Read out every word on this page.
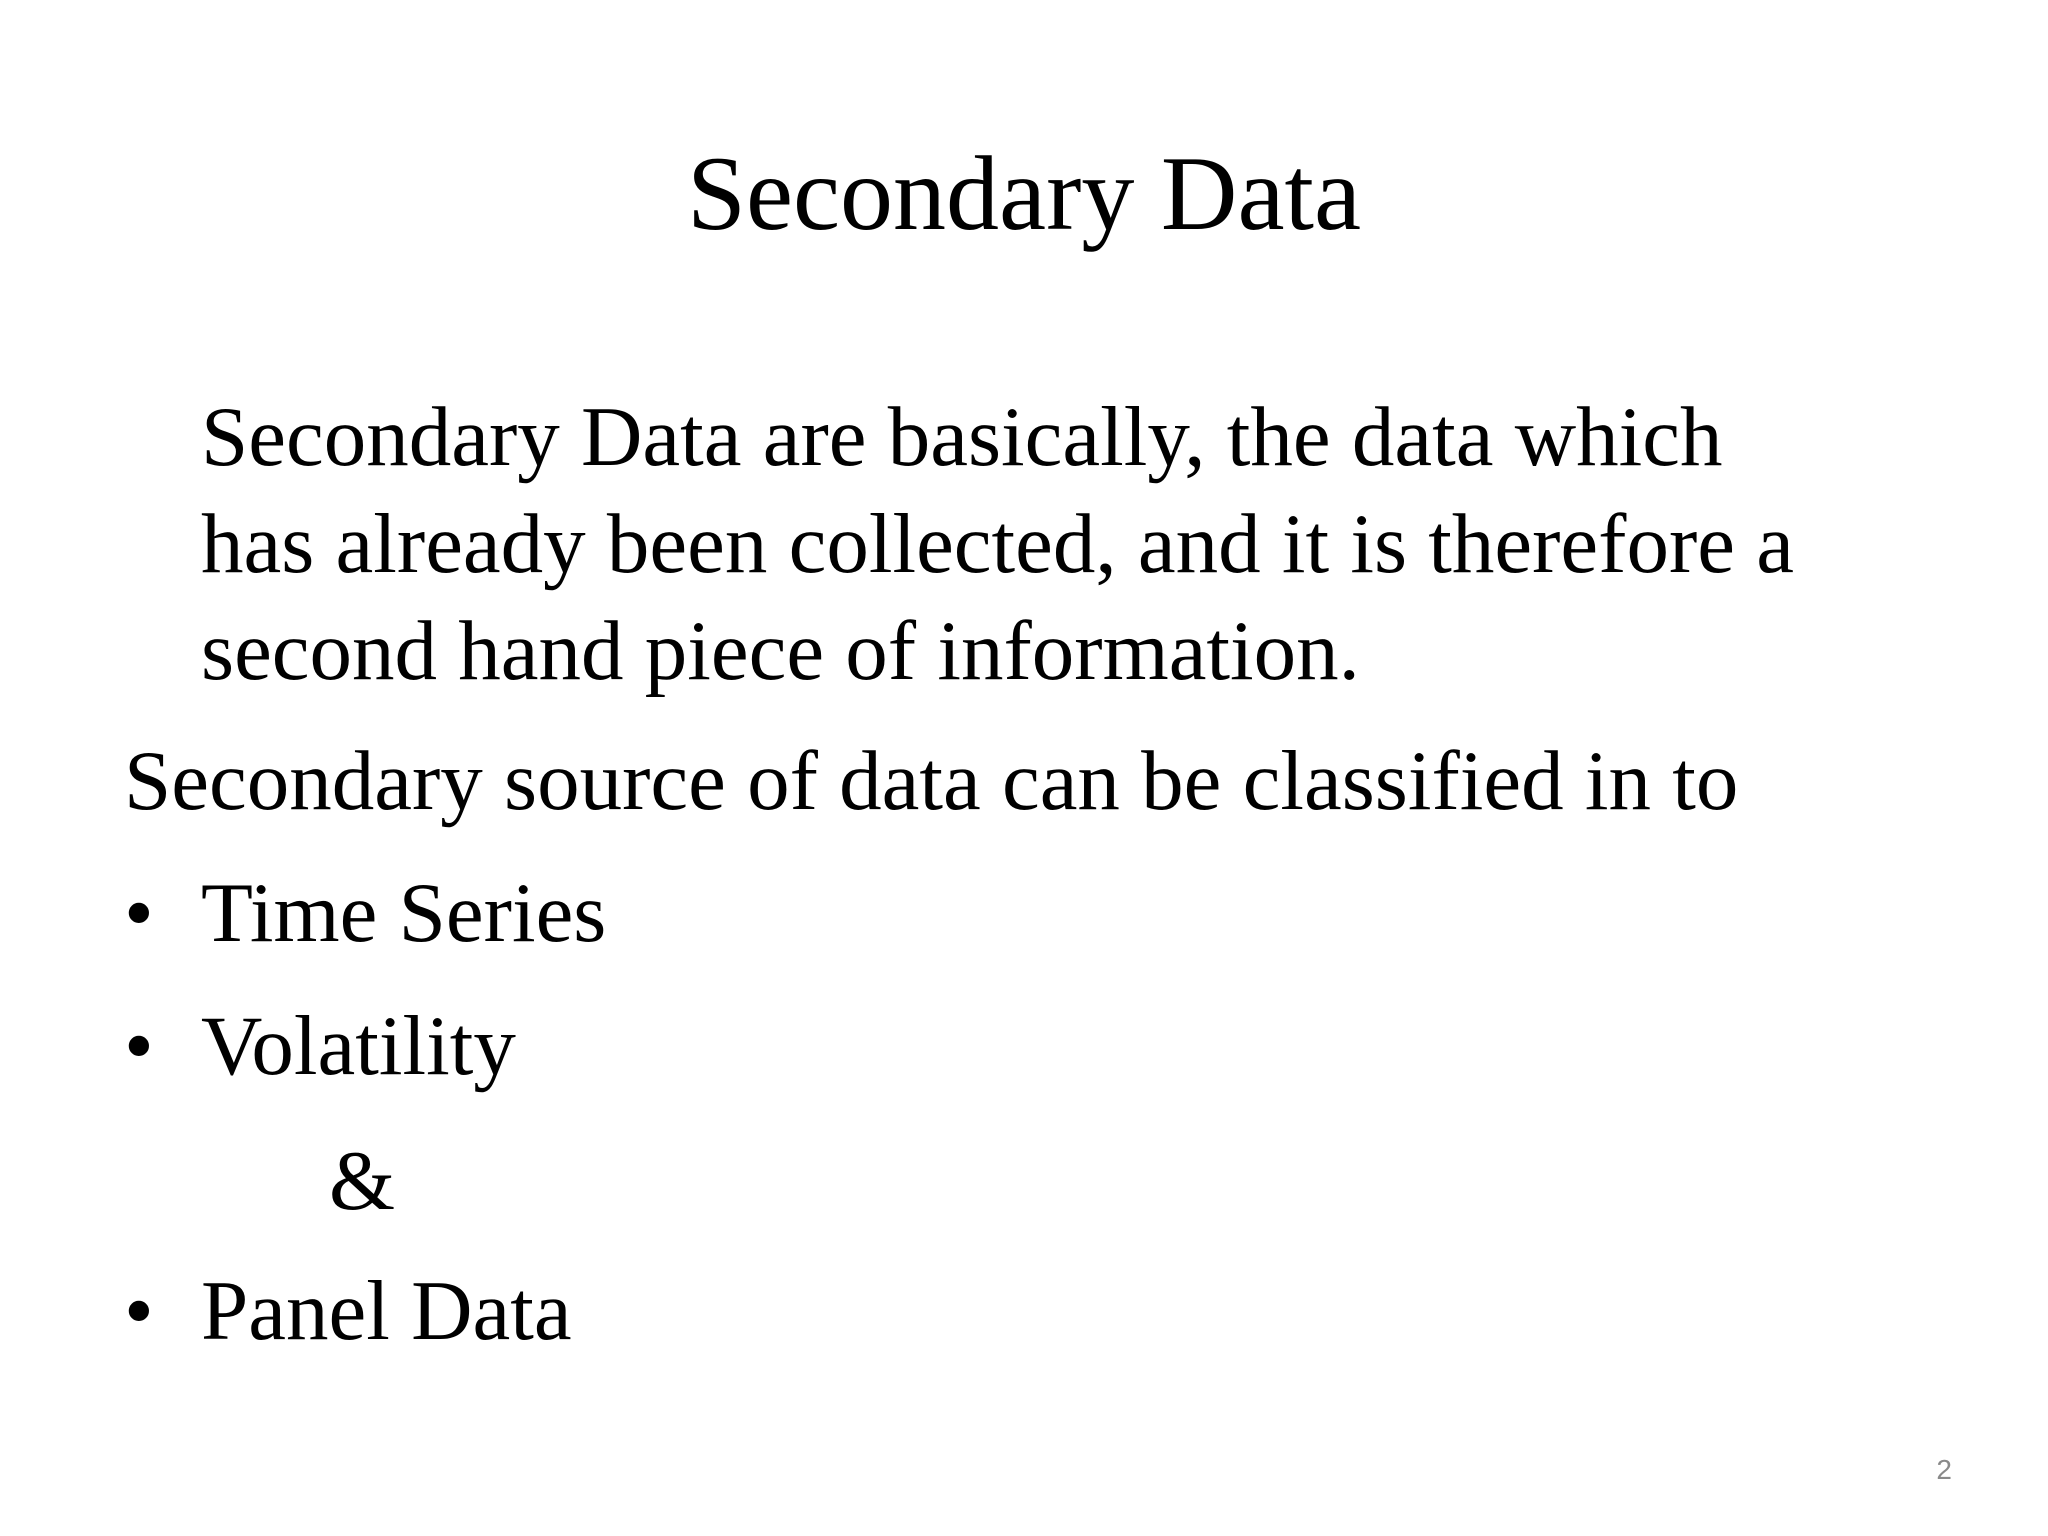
Secondary Data
Secondary Data are basically, the data which
has already been collected, and it is therefore a
second hand piece of information.
Secondary source of data can be classified in to
• Time Series
• Volatility
&
• Panel Data
2
